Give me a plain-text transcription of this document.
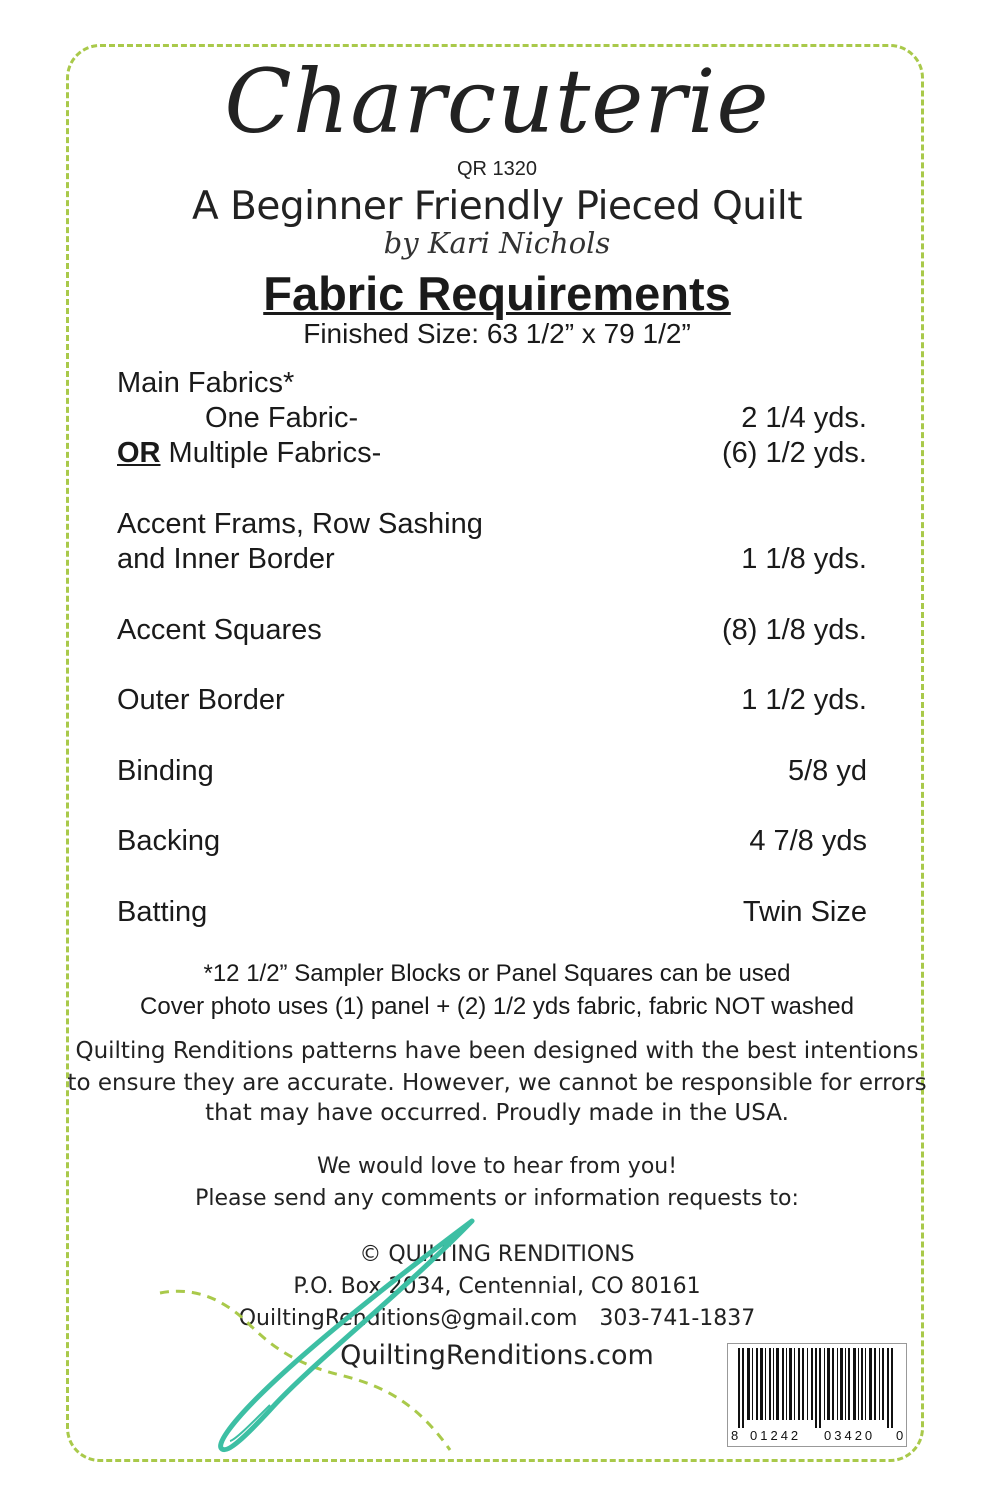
Charcuterie
QR 1320
A Beginner Friendly Pieced Quilt
by Kari Nichols
Fabric Requirements
Finished Size: 63 1/2” x 79 1/2”
Main Fabrics*
One Fabric-	2 1/4 yds.
OR Multiple Fabrics-	(6) 1/2 yds.
Accent Frams, Row Sashing
and Inner Border	1 1/8 yds.
Accent Squares	(8) 1/8 yds.
Outer Border	1 1/2 yds.
Binding	5/8 yd
Backing	4 7/8 yds
Batting	Twin Size
*12 1/2” Sampler Blocks or Panel Squares can be used
Cover photo uses (1) panel + (2) 1/2 yds fabric, fabric NOT washed
Quilting Renditions patterns have been designed with the best intentions
to ensure they are accurate. However, we cannot be responsible for errors
that may have occurred. Proudly made in the USA.
We would love to hear from you!
Please send any comments or information requests to:
© QUILTING RENDITIONS
P.O. Box 2034, Centennial, CO 80161
QuiltingRenditions@gmail.com 303-741-1837
QuiltingRenditions.com
8 01242 03420 0
